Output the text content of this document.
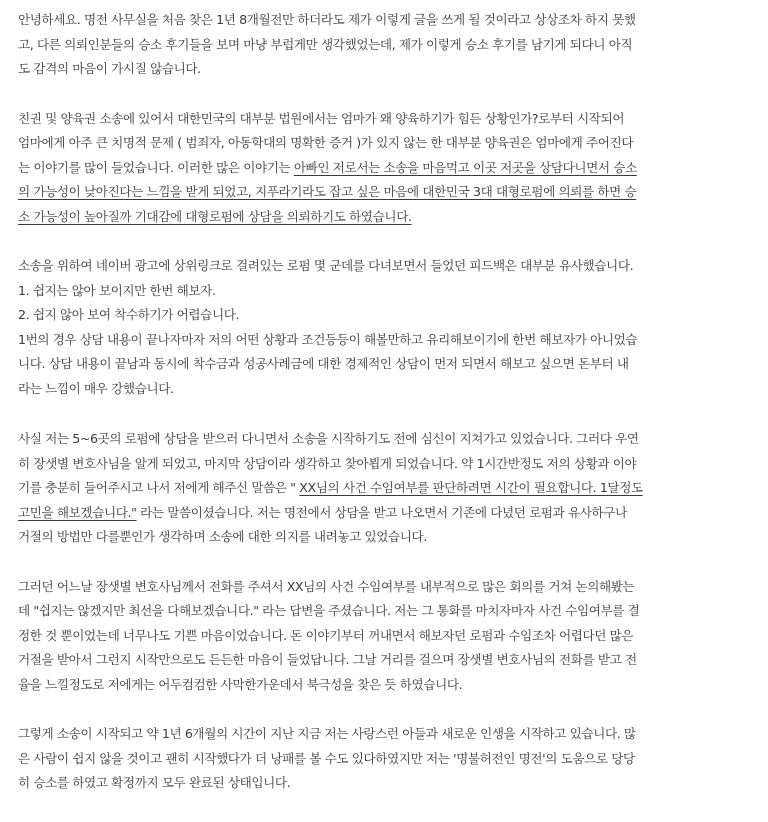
안녕하세요. 명전 사무실을 처음 찾은 1년 8개월전만 하더라도 제가 이렇게 글을 쓰게 될 것이라고 상상조차 하지 못했
고, 다른 의뢰인분들의 승소 후기들을 보며 마냥 부럽게만 생각했었는데, 제가 이렇게 승소 후기를 남기게 되다니 아직
도 감격의 마음이 가시질 않습니다.

친권 및 양육권 소송에 있어서 대한민국의 대부분 법원에서는 엄마가 왜 양육하기가 힘든 상황인가?로부터 시작되어
엄마에게 아주 큰 치명적 문제 ( 범죄자, 아동학대의 명확한 증거 )가 있지 않는 한 대부분 양육권은 엄마에게 주어진다
는 이야기를 많이 들었습니다. 이러한 많은 이야기는 아빠인 저로서는 소송을 마음먹고 이곳 저곳을 상담다니면서 승소
의 가능성이 낮아진다는 느낌을 받게 되었고, 지푸라기라도 잡고 싶은 마음에 대한민국 3대 대형로펌에 의뢰를 하면 승
소 가능성이 높아질까 기대감에 대형로펌에 상담을 의뢰하기도 하였습니다.

소송을 위하여 네이버 광고에 상위링크로 걸려있는 로펌 몇 군데를 다녀보면서 들었던 피드백은 대부분 유사했습니다.
1. 쉽지는 않아 보이지만 한번 해보자.
2. 쉽지 않아 보여 착수하기가 어렵습니다.
1번의 경우 상담 내용이 끝나자마자 저의 어떤 상황과 조건등등이 해볼만하고 유리해보이기에 한번 해보자가 아니었습
니다. 상담 내용이 끝남과 동시에 착수금과 성공사례금에 대한 경제적인 상담이 먼저 되면서 해보고 싶으면 돈부터 내
라는 느낌이 매우 강했습니다.

사실 저는 5~6곳의 로펌에 상담을 받으러 다니면서 소송을 시작하기도 전에 심신이 지쳐가고 있었습니다. 그러다 우연
히 장샛별 변호사님을 알게 되었고, 마지막 상담이라 생각하고 찾아뵙게 되었습니다. 약 1시간반정도 저의 상황과 이야
기를 충분히 들어주시고 나서 저에게 해주신 말씀은 " XX님의 사건 수임여부를 판단하려면 시간이 필요합니다. 1달정도
고민을 해보겠습니다." 라는 말씀이셨습니다. 저는 명전에서 상담을 받고 나오면서 기존에 다녔던 로펌과 유사하구나
거절의 방법만 다를뿐인가 생각하며 소송에 대한 의지를 내려놓고 있었습니다.

그러던 어느날 장샛별 변호사님께서 전화를 주셔서 XX님의 사건 수임여부를 내부적으로 많은 회의를 거쳐 논의해봤는
데 "쉽지는 않겠지만 최선을 다해보겠습니다." 라는 답변을 주셨습니다. 저는 그 통화를 마치자마자 사건 수임여부를 결
정한 것 뿐이었는데 너무나도 기쁜 마음이었습니다. 돈 이야기부터 꺼내면서 해보자던 로펌과 수임조차 어렵다던 많은
거절을 받아서 그런지 시작만으로도 든든한 마음이 들었답니다. 그날 거리를 걸으며 장샛별 변호사님의 전화를 받고 전
율을 느낄정도로 저에게는 어두컴컴한 사막한가운데서 북극성을 찾은 듯 하였습니다.

그렇게 소송이 시작되고 약 1년 6개월의 시간이 지난 지금 저는 사랑스런 아들과 새로운 인생을 시작하고 있습니다. 많
은 사람이 쉽지 않을 것이고 괜히 시작했다가 더 낭패를 볼 수도 있다하였지만 저는 '명불허전인 명전'의 도움으로 당당
히 승소를 하였고 확정까지 모두 완료된 상태입니다.
